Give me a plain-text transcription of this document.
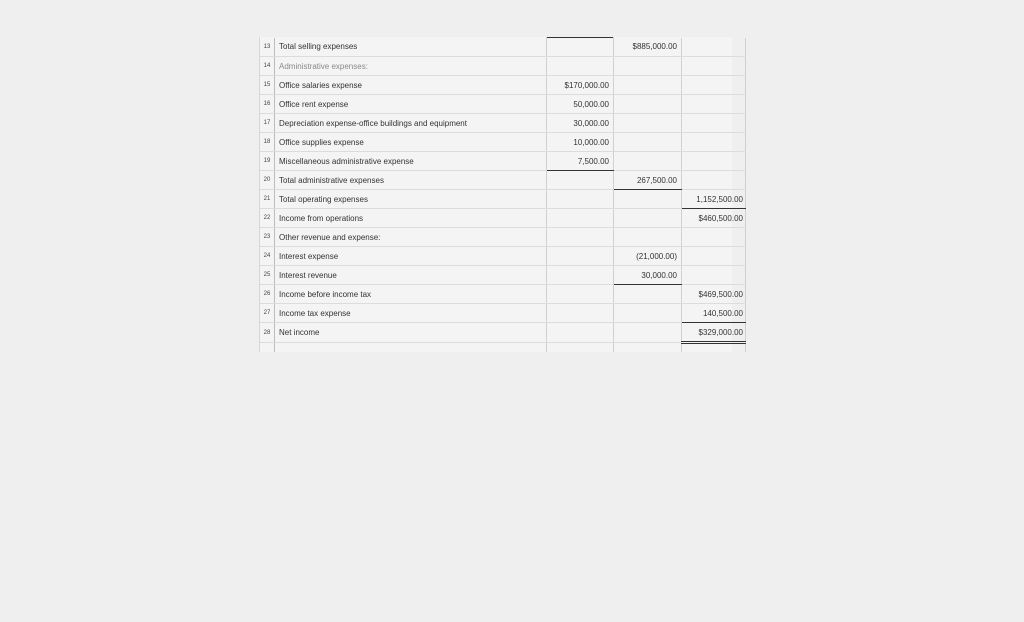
13	Total selling expenses		$885,000.00	
14	Administrative expenses:			
15	Office salaries expense	$170,000.00		
16	Office rent expense	50,000.00		
17	Depreciation expense-office buildings and equipment	30,000.00		
18	Office supplies expense	10,000.00		
19	Miscellaneous administrative expense	7,500.00		
20	Total administrative expenses		267,500.00	
21	Total operating expenses			1,152,500.00
22	Income from operations			$460,500.00
23	Other revenue and expense:			
24	Interest expense		(21,000.00)	
25	Interest revenue		30,000.00	
26	Income before income tax			$469,500.00
27	Income tax expense			140,500.00
28	Net income			$329,000.00
